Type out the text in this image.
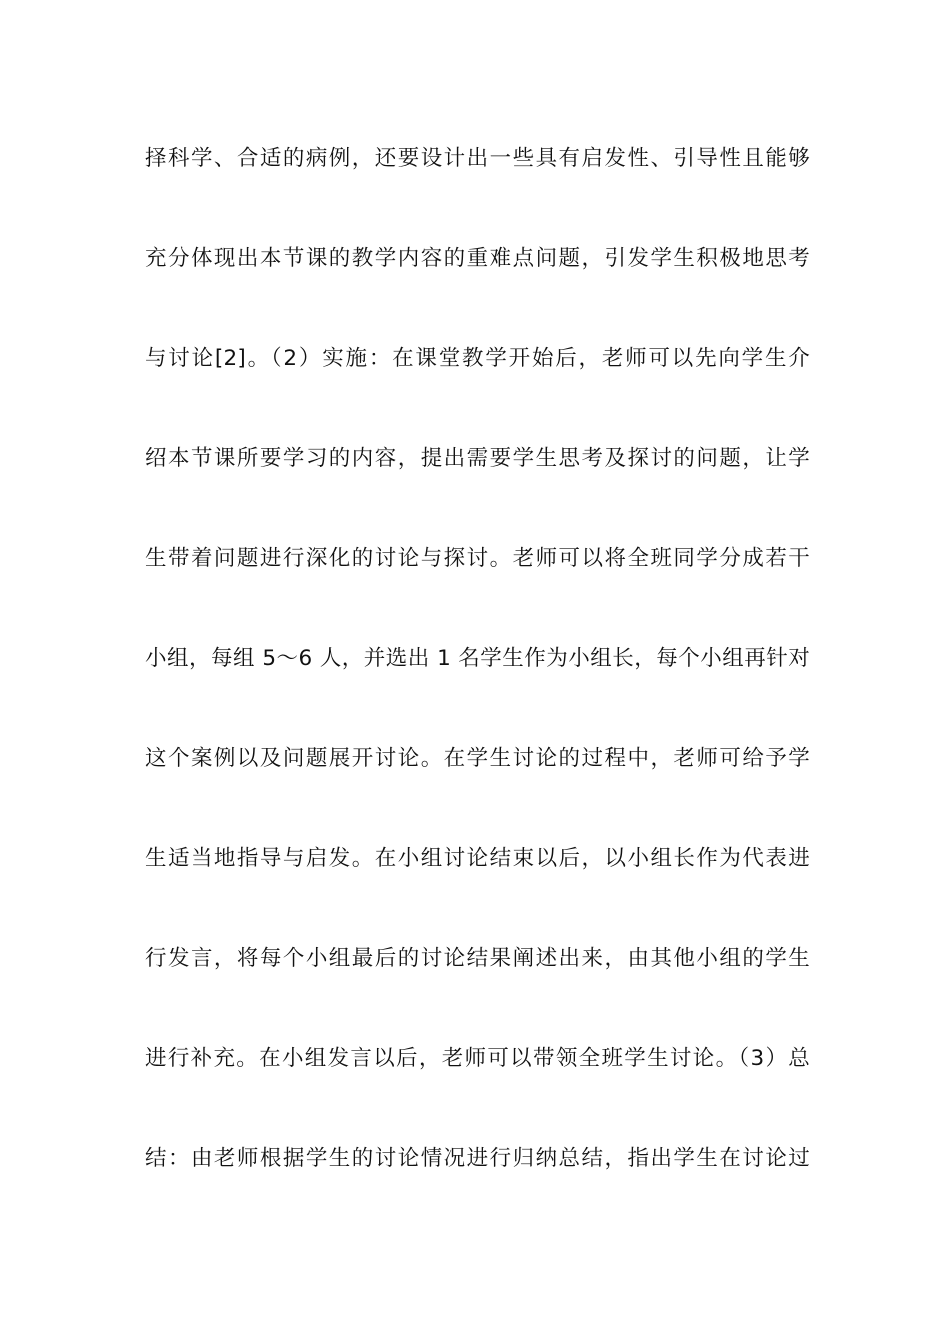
择科学、合适的病例，还要设计出一些具有启发性、引导性且能够
充分体现出本节课的教学内容的重难点问题，引发学生积极地思考
与讨论[2]。（2）实施：在课堂教学开始后，老师可以先向学生介
绍本节课所要学习的内容，提出需要学生思考及探讨的问题，让学
生带着问题进行深化的讨论与探讨。老师可以将全班同学分成若干
小组，每组 5～6 人，并选出 1 名学生作为小组长，每个小组再针对
这个案例以及问题展开讨论。在学生讨论的过程中，老师可给予学
生适当地指导与启发。在小组讨论结束以后，以小组长作为代表进
行发言，将每个小组最后的讨论结果阐述出来，由其他小组的学生
进行补充。在小组发言以后，老师可以带领全班学生讨论。（3）总
结：由老师根据学生的讨论情况进行归纳总结，指出学生在讨论过
